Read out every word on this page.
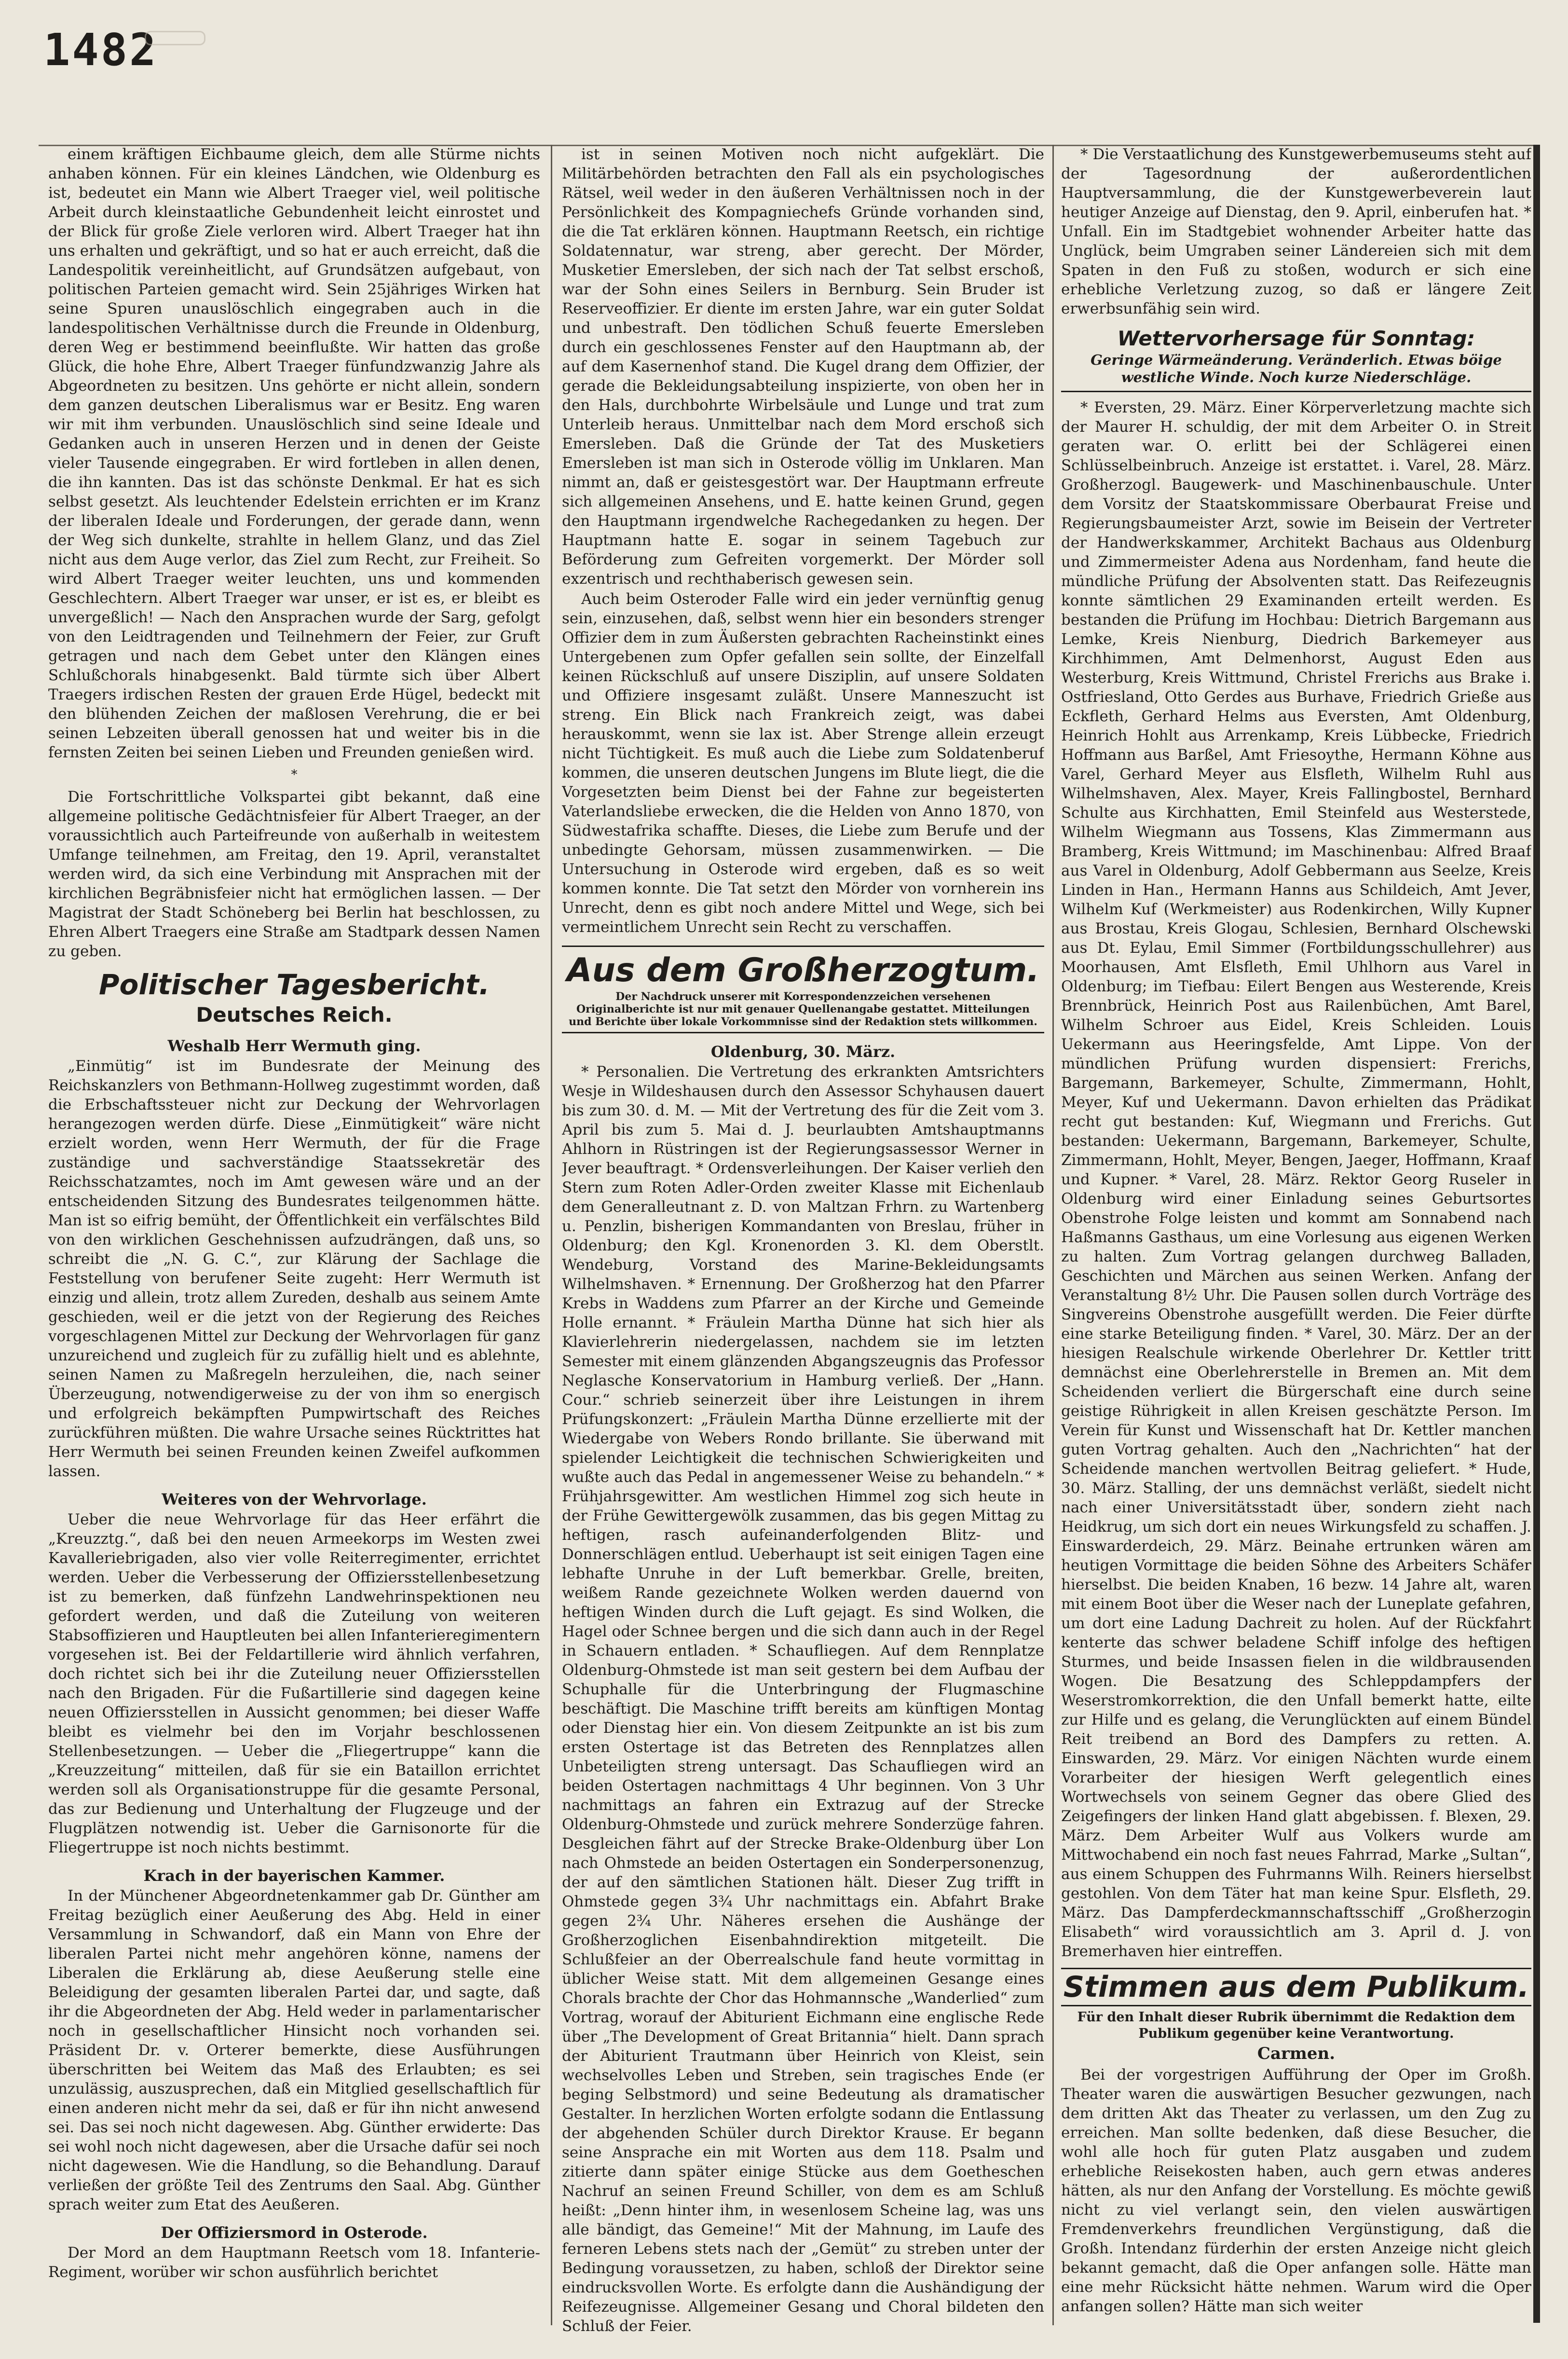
1482

einem kräftigen Eichbaume gleich, dem alle Stürme nichts anhaben können. Für ein kleines Ländchen, wie Oldenburg es ist, bedeutet ein Mann wie Albert Traeger viel, weil politische Arbeit durch kleinstaatliche Gebundenheit leicht einrostet und der Blick für große Ziele verloren wird. Albert Traeger hat ihn uns erhalten und gekräftigt, und so hat er auch erreicht, daß die Landespolitik vereinheitlicht, auf Grundsätzen aufgebaut, von politischen Parteien gemacht wird. Sein 25jähriges Wirken hat seine Spuren unauslöschlich eingegraben auch in die landespolitischen Verhältnisse durch die Freunde in Oldenburg, deren Weg er bestimmend beeinflußte. Wir hatten das große Glück, die hohe Ehre, Albert Traeger fünfundzwanzig Jahre als Abgeordneten zu besitzen. Uns gehörte er nicht allein, sondern dem ganzen deutschen Liberalismus war er Besitz. Eng waren wir mit ihm verbunden. Unauslöschlich sind seine Ideale und Gedanken auch in unseren Herzen und in denen der Geiste vieler Tausende eingegraben. Er wird fortleben in allen denen, die ihn kannten. Das ist das schönste Denkmal. Er hat es sich selbst gesetzt. Als leuchtender Edelstein errichten er im Kranz der liberalen Ideale und Forderungen, der gerade dann, wenn der Weg sich dunkelte, strahlte in hellem Glanz, und das Ziel nicht aus dem Auge verlor, das Ziel zum Recht, zur Freiheit. So wird Albert Traeger weiter leuchten, uns und kommenden Geschlechtern. Albert Traeger war unser, er ist es, er bleibt es unvergeßlich! — Nach den Ansprachen wurde der Sarg, gefolgt von den Leidtragenden und Teilnehmern der Feier, zur Gruft getragen und nach dem Gebet unter den Klängen eines Schlußchorals hinabgesenkt. Bald türmte sich über Albert Traegers irdischen Resten der grauen Erde Hügel, bedeckt mit den blühenden Zeichen der maßlosen Verehrung, die er bei seinen Lebzeiten überall genossen hat und weiter bis in die fernsten Zeiten bei seinen Lieben und Freunden genießen wird.

*

Die Fortschrittliche Volkspartei gibt bekannt, daß eine allgemeine politische Gedächtnisfeier für Albert Traeger, an der voraussichtlich auch Parteifreunde von außerhalb in weitestem Umfange teilnehmen, am Freitag, den 19. April, veranstaltet werden wird, da sich eine Verbindung mit Ansprachen mit der kirchlichen Begräbnisfeier nicht hat ermöglichen lassen. — Der Magistrat der Stadt Schöneberg bei Berlin hat beschlossen, zu Ehren Albert Traegers eine Straße am Stadtpark dessen Namen zu geben.

Politischer Tagesbericht.

Deutsches Reich.

Weshalb Herr Wermuth ging.

„Einmütig“ ist im Bundesrate der Meinung des Reichskanzlers von Bethmann-Hollweg zugestimmt worden, daß die Erbschaftssteuer nicht zur Deckung der Wehrvorlagen herangezogen werden dürfe. Diese „Einmütigkeit“ wäre nicht erzielt worden, wenn Herr Wermuth, der für die Frage zuständige und sachverständige Staatssekretär des Reichsschatzamtes, noch im Amt gewesen wäre und an der entscheidenden Sitzung des Bundesrates teilgenommen hätte. Man ist so eifrig bemüht, der Öffentlichkeit ein verfälschtes Bild von den wirklichen Geschehnissen aufzudrängen, daß uns, so schreibt die „N. G. C.“, zur Klärung der Sachlage die Feststellung von berufener Seite zugeht: Herr Wermuth ist einzig und allein, trotz allem Zureden, deshalb aus seinem Amte geschieden, weil er die jetzt von der Regierung des Reiches vorgeschlagenen Mittel zur Deckung der Wehrvorlagen für ganz unzureichend und zugleich für zu zufällig hielt und es ablehnte, seinen Namen zu Maßregeln herzuleihen, die, nach seiner Überzeugung, notwendigerweise zu der von ihm so energisch und erfolgreich bekämpften Pumpwirtschaft des Reiches zurückführen müßten. Die wahre Ursache seines Rücktrittes hat Herr Wermuth bei seinen Freunden keinen Zweifel aufkommen lassen.

Weiteres von der Wehrvorlage.

Ueber die neue Wehrvorlage für das Heer erfährt die „Kreuzztg.“, daß bei den neuen Armeekorps im Westen zwei Kavalleriebrigaden, also vier volle Reiterregimenter, errichtet werden. Ueber die Verbesserung der Offiziersstellenbesetzung ist zu bemerken, daß fünfzehn Landwehrinspektionen neu gefordert werden, und daß die Zuteilung von weiteren Stabsoffizieren und Hauptleuten bei allen Infanterieregimentern vorgesehen ist. Bei der Feldartillerie wird ähnlich verfahren, doch richtet sich bei ihr die Zuteilung neuer Offiziersstellen nach den Brigaden. Für die Fußartillerie sind dagegen keine neuen Offiziersstellen in Aussicht genommen; bei dieser Waffe bleibt es vielmehr bei den im Vorjahr beschlossenen Stellenbesetzungen. — Ueber die „Fliegertruppe“ kann die „Kreuzzeitung“ mitteilen, daß für sie ein Bataillon errichtet werden soll als Organisationstruppe für die gesamte Personal, das zur Bedienung und Unterhaltung der Flugzeuge und der Flugplätzen notwendig ist. Ueber die Garnisonorte für die Fliegertruppe ist noch nichts bestimmt.

Krach in der bayerischen Kammer.

In der Münchener Abgeordnetenkammer gab Dr. Günther am Freitag bezüglich einer Aeußerung des Abg. Held in einer Versammlung in Schwandorf, daß ein Mann von Ehre der liberalen Partei nicht mehr angehören könne, namens der Liberalen die Erklärung ab, diese Aeußerung stelle eine Beleidigung der gesamten liberalen Partei dar, und sagte, daß ihr die Abgeordneten der Abg. Held weder in parlamentarischer noch in gesellschaftlicher Hinsicht noch vorhanden sei. Präsident Dr. v. Orterer bemerkte, diese Ausführungen überschritten bei Weitem das Maß des Erlaubten; es sei unzulässig, auszusprechen, daß ein Mitglied gesellschaftlich für einen anderen nicht mehr da sei, daß er für ihn nicht anwesend sei. Das sei noch nicht dagewesen. Abg. Günther erwiderte: Das sei wohl noch nicht dagewesen, aber die Ursache dafür sei noch nicht dagewesen. Wie die Handlung, so die Behandlung. Darauf verließen der größte Teil des Zentrums den Saal. Abg. Günther sprach weiter zum Etat des Aeußeren.

Der Offiziersmord in Osterode.

Der Mord an dem Hauptmann Reetsch vom 18. Infanterie-Regiment, worüber wir schon ausführlich berichtet

ist in seinen Motiven noch nicht aufgeklärt. Die Militärbehörden betrachten den Fall als ein psychologisches Rätsel, weil weder in den äußeren Verhältnissen noch in der Persönlichkeit des Kompagniechefs Gründe vorhanden sind, die die Tat erklären können. Hauptmann Reetsch, ein richtige Soldatennatur, war streng, aber gerecht. Der Mörder, Musketier Emersleben, der sich nach der Tat selbst erschoß, war der Sohn eines Seilers in Bernburg. Sein Bruder ist Reserveoffizier. Er diente im ersten Jahre, war ein guter Soldat und unbestraft. Den tödlichen Schuß feuerte Emersleben durch ein geschlossenes Fenster auf den Hauptmann ab, der auf dem Kasernenhof stand. Die Kugel drang dem Offizier, der gerade die Bekleidungsabteilung inspizierte, von oben her in den Hals, durchbohrte Wirbelsäule und Lunge und trat zum Unterleib heraus. Unmittelbar nach dem Mord erschoß sich Emersleben. Daß die Gründe der Tat des Musketiers Emersleben ist man sich in Osterode völlig im Unklaren. Man nimmt an, daß er geistesgestört war. Der Hauptmann erfreute sich allgemeinen Ansehens, und E. hatte keinen Grund, gegen den Hauptmann irgendwelche Rachegedanken zu hegen. Der Hauptmann hatte E. sogar in seinem Tagebuch zur Beförderung zum Gefreiten vorgemerkt. Der Mörder soll exzentrisch und rechthaberisch gewesen sein.

Auch beim Osteroder Falle wird ein jeder vernünftig genug sein, einzusehen, daß, selbst wenn hier ein besonders strenger Offizier dem in zum Äußersten gebrachten Racheinstinkt eines Untergebenen zum Opfer gefallen sein sollte, der Einzelfall keinen Rückschluß auf unsere Disziplin, auf unsere Soldaten und Offiziere insgesamt zuläßt. Unsere Manneszucht ist streng. Ein Blick nach Frankreich zeigt, was dabei herauskommt, wenn sie lax ist. Aber Strenge allein erzeugt nicht Tüchtigkeit. Es muß auch die Liebe zum Soldatenberuf kommen, die unseren deutschen Jungens im Blute liegt, die die Vorgesetzten beim Dienst bei der Fahne zur begeisterten Vaterlandsliebe erwecken, die die Helden von Anno 1870, von Südwestafrika schaffte. Dieses, die Liebe zum Berufe und der unbedingte Gehorsam, müssen zusammenwirken. — Die Untersuchung in Osterode wird ergeben, daß es so weit kommen konnte. Die Tat setzt den Mörder von vornherein ins Unrecht, denn es gibt noch andere Mittel und Wege, sich bei vermeintlichem Unrecht sein Recht zu verschaffen.

Aus dem Großherzogtum.
Der Nachdruck unserer mit Korrespondenzzeichen versehenen Originalberichte ist nur mit genauer Quellenangabe gestattet. Mitteilungen und Berichte über lokale Vorkommnisse sind der Redaktion stets willkommen.

Oldenburg, 30. März.

* Personalien. Die Vertretung des erkrankten Amtsrichters Wesje in Wildeshausen durch den Assessor Schyhausen dauert bis zum 30. d. M. — Mit der Vertretung des für die Zeit vom 3. April bis zum 5. Mai d. J. beurlaubten Amtshauptmanns Ahlhorn in Rüstringen ist der Regierungsassessor Werner in Jever beauftragt. * Ordensverleihungen. Der Kaiser verlieh den Stern zum Roten Adler-Orden zweiter Klasse mit Eichenlaub dem Generalleutnant z. D. von Maltzan Frhrn. zu Wartenberg u. Penzlin, bisherigen Kommandanten von Breslau, früher in Oldenburg; den Kgl. Kronenorden 3. Kl. dem Oberstlt. Wendeburg, Vorstand des Marine-Bekleidungsamts Wilhelmshaven. * Ernennung. Der Großherzog hat den Pfarrer Krebs in Waddens zum Pfarrer an der Kirche und Gemeinde Holle ernannt. * Fräulein Martha Dünne hat sich hier als Klavierlehrerin niedergelassen, nachdem sie im letzten Semester mit einem glänzenden Abgangszeugnis das Professor Neglasche Konservatorium in Hamburg verließ. Der „Hann. Cour.“ schrieb seinerzeit über ihre Leistungen in ihrem Prüfungskonzert: „Fräulein Martha Dünne erzellierte mit der Wiedergabe von Webers Rondo brillante. Sie überwand mit spielender Leichtigkeit die technischen Schwierigkeiten und wußte auch das Pedal in angemessener Weise zu behandeln.“ * Frühjahrsgewitter. Am westlichen Himmel zog sich heute in der Frühe Gewittergewölk zusammen, das bis gegen Mittag zu heftigen, rasch aufeinanderfolgenden Blitz- und Donnerschlägen entlud. Ueberhaupt ist seit einigen Tagen eine lebhafte Unruhe in der Luft bemerkbar. Grelle, breiten, weißem Rande gezeichnete Wolken werden dauernd von heftigen Winden durch die Luft gejagt. Es sind Wolken, die Hagel oder Schnee bergen und die sich dann auch in der Regel in Schauern entladen. * Schaufliegen. Auf dem Rennplatze Oldenburg-Ohmstede ist man seit gestern bei dem Aufbau der Schuphalle für die Unterbringung der Flugmaschine beschäftigt. Die Maschine trifft bereits am künftigen Montag oder Dienstag hier ein. Von diesem Zeitpunkte an ist bis zum ersten Ostertage ist das Betreten des Rennplatzes allen Unbeteiligten streng untersagt. Das Schaufliegen wird an beiden Ostertagen nachmittags 4 Uhr beginnen. Von 3 Uhr nachmittags an fahren ein Extrazug auf der Strecke Oldenburg-Ohmstede und zurück mehrere Sonderzüge fahren. Desgleichen fährt auf der Strecke Brake-Oldenburg über Lon nach Ohmstede an beiden Ostertagen ein Sonderpersonenzug, der auf den sämtlichen Stationen hält. Dieser Zug trifft in Ohmstede gegen 3¾ Uhr nachmittags ein. Abfahrt Brake gegen 2¾ Uhr. Näheres ersehen die Aushänge der Großherzoglichen Eisenbahndirektion mitgeteilt. Die Schlußfeier an der Oberrealschule fand heute vormittag in üblicher Weise statt. Mit dem allgemeinen Gesange eines Chorals brachte der Chor das Hohmannsche „Wanderlied“ zum Vortrag, worauf der Abiturient Eichmann eine englische Rede über „The Development of Great Britannia“ hielt. Dann sprach der Abiturient Trautmann über Heinrich von Kleist, sein wechselvolles Leben und Streben, sein tragisches Ende (er beging Selbstmord) und seine Bedeutung als dramatischer Gestalter. In herzlichen Worten erfolgte sodann die Entlassung der abgehenden Schüler durch Direktor Krause. Er begann seine Ansprache ein mit Worten aus dem 118. Psalm und zitierte dann später einige Stücke aus dem Goetheschen Nachruf an seinen Freund Schiller, von dem es am Schluß heißt: „Denn hinter ihm, in wesenlosem Scheine lag, was uns alle bändigt, das Gemeine!“ Mit der Mahnung, im Laufe des ferneren Lebens stets nach der „Gemüt“ zu streben unter der Bedingung voraussetzen, zu haben, schloß der Direktor seine eindrucksvollen Worte. Es erfolgte dann die Aushändigung der Reifezeugnisse. Allgemeiner Gesang und Choral bildeten den Schluß der Feier.

* Die Verstaatlichung des Kunstgewerbemuseums steht auf der Tagesordnung der außerordentlichen Hauptversammlung, die der Kunstgewerbeverein laut heutiger Anzeige auf Dienstag, den 9. April, einberufen hat. * Unfall. Ein im Stadtgebiet wohnender Arbeiter hatte das Unglück, beim Umgraben seiner Ländereien sich mit dem Spaten in den Fuß zu stoßen, wodurch er sich eine erhebliche Verletzung zuzog, so daß er längere Zeit erwerbsunfähig sein wird.

Wettervorhersage für Sonntag:
Geringe Wärmeänderung. Veränderlich. Etwas böige westliche Winde. Noch kurze Niederschläge.

* Eversten, 29. März. Einer Körperverletzung machte sich der Maurer H. schuldig, der mit dem Arbeiter O. in Streit geraten war. O. erlitt bei der Schlägerei einen Schlüsselbeinbruch. Anzeige ist erstattet. i. Varel, 28. März. Großherzogl. Baugewerk- und Maschinenbauschule. Unter dem Vorsitz der Staatskommissare Oberbaurat Freise und Regierungsbaumeister Arzt, sowie im Beisein der Vertreter der Handwerkskammer, Architekt Bachaus aus Oldenburg und Zimmermeister Adena aus Nordenham, fand heute die mündliche Prüfung der Absolventen statt. Das Reifezeugnis konnte sämtlichen 29 Examinanden erteilt werden. Es bestanden die Prüfung im Hochbau: Dietrich Bargemann aus Lemke, Kreis Nienburg, Diedrich Barkemeyer aus Kirchhimmen, Amt Delmenhorst, August Eden aus Westerburg, Kreis Wittmund, Christel Frerichs aus Brake i. Ostfriesland, Otto Gerdes aus Burhave, Friedrich Grieße aus Eckfleth, Gerhard Helms aus Eversten, Amt Oldenburg, Heinrich Hohlt aus Arrenkamp, Kreis Lübbecke, Friedrich Hoffmann aus Barßel, Amt Friesoythe, Hermann Köhne aus Varel, Gerhard Meyer aus Elsfleth, Wilhelm Ruhl aus Wilhelmshaven, Alex. Mayer, Kreis Fallingbostel, Bernhard Schulte aus Kirchhatten, Emil Steinfeld aus Westerstede, Wilhelm Wiegmann aus Tossens, Klas Zimmermann aus Bramberg, Kreis Wittmund; im Maschinenbau: Alfred Braaf aus Varel in Oldenburg, Adolf Gebbermann aus Seelze, Kreis Linden in Han., Hermann Hanns aus Schildeich, Amt Jever, Wilhelm Kuf (Werkmeister) aus Rodenkirchen, Willy Kupner aus Brostau, Kreis Glogau, Schlesien, Bernhard Olschewski aus Dt. Eylau, Emil Simmer (Fortbildungsschullehrer) aus Moorhausen, Amt Elsfleth, Emil Uhlhorn aus Varel in Oldenburg; im Tiefbau: Eilert Bengen aus Westerende, Kreis Brennbrück, Heinrich Post aus Railenbüchen, Amt Barel, Wilhelm Schroer aus Eidel, Kreis Schleiden. Louis Uekermann aus Heeringsfelde, Amt Lippe. Von der mündlichen Prüfung wurden dispensiert: Frerichs, Bargemann, Barkemeyer, Schulte, Zimmermann, Hohlt, Meyer, Kuf und Uekermann. Davon erhielten das Prädikat recht gut bestanden: Kuf, Wiegmann und Frerichs. Gut bestanden: Uekermann, Bargemann, Barkemeyer, Schulte, Zimmermann, Hohlt, Meyer, Bengen, Jaeger, Hoffmann, Kraaf und Kupner. * Varel, 28. März. Rektor Georg Ruseler in Oldenburg wird einer Einladung seines Geburtsortes Obenstrohe Folge leisten und kommt am Sonnabend nach Haßmanns Gasthaus, um eine Vorlesung aus eigenen Werken zu halten. Zum Vortrag gelangen durchweg Balladen, Geschichten und Märchen aus seinen Werken. Anfang der Veranstaltung 8½ Uhr. Die Pausen sollen durch Vorträge des Singvereins Obenstrohe ausgefüllt werden. Die Feier dürfte eine starke Beteiligung finden. * Varel, 30. März. Der an der hiesigen Realschule wirkende Oberlehrer Dr. Kettler tritt demnächst eine Oberlehrerstelle in Bremen an. Mit dem Scheidenden verliert die Bürgerschaft eine durch seine geistige Rührigkeit in allen Kreisen geschätzte Person. Im Verein für Kunst und Wissenschaft hat Dr. Kettler manchen guten Vortrag gehalten. Auch den „Nachrichten“ hat der Scheidende manchen wertvollen Beitrag geliefert. * Hude, 30. März. Stalling, der uns demnächst verläßt, siedelt nicht nach einer Universitätsstadt über, sondern zieht nach Heidkrug, um sich dort ein neues Wirkungsfeld zu schaffen. J. Einswarderdeich, 29. März. Beinahe ertrunken wären am heutigen Vormittage die beiden Söhne des Arbeiters Schäfer hierselbst. Die beiden Knaben, 16 bezw. 14 Jahre alt, waren mit einem Boot über die Weser nach der Luneplate gefahren, um dort eine Ladung Dachreit zu holen. Auf der Rückfahrt kenterte das schwer beladene Schiff infolge des heftigen Sturmes, und beide Insassen fielen in die wildbrausenden Wogen. Die Besatzung des Schleppdampfers der Weserstromkorrektion, die den Unfall bemerkt hatte, eilte zur Hilfe und es gelang, die Verunglückten auf einem Bündel Reit treibend an Bord des Dampfers zu retten. A. Einswarden, 29. März. Vor einigen Nächten wurde einem Vorarbeiter der hiesigen Werft gelegentlich eines Wortwechsels von seinem Gegner das obere Glied des Zeigefingers der linken Hand glatt abgebissen. f. Blexen, 29. März. Dem Arbeiter Wulf aus Volkers wurde am Mittwochabend ein noch fast neues Fahrrad, Marke „Sultan“, aus einem Schuppen des Fuhrmanns Wilh. Reiners hierselbst gestohlen. Von dem Täter hat man keine Spur. Elsfleth, 29. März. Das Dampferdeckmannschaftsschiff „Großherzogin Elisabeth“ wird voraussichtlich am 3. April d. J. von Bremerhaven hier eintreffen.

Stimmen aus dem Publikum.
Für den Inhalt dieser Rubrik übernimmt die Redaktion dem Publikum gegenüber keine Verantwortung.
Carmen.

Bei der vorgestrigen Aufführung der Oper im Großh. Theater waren die auswärtigen Besucher gezwungen, nach dem dritten Akt das Theater zu verlassen, um den Zug zu erreichen. Man sollte bedenken, daß diese Besucher, die wohl alle hoch für guten Platz ausgaben und zudem erhebliche Reisekosten haben, auch gern etwas anderes hätten, als nur den Anfang der Vorstellung. Es möchte gewiß nicht zu viel verlangt sein, den vielen auswärtigen Fremdenverkehrs freundlichen Vergünstigung, daß die Großh. Intendanz fürderhin der ersten Anzeige nicht gleich bekannt gemacht, daß die Oper anfangen solle. Hätte man eine mehr Rücksicht hätte nehmen. Warum wird die Oper anfangen sollen? Hätte man sich weiter
